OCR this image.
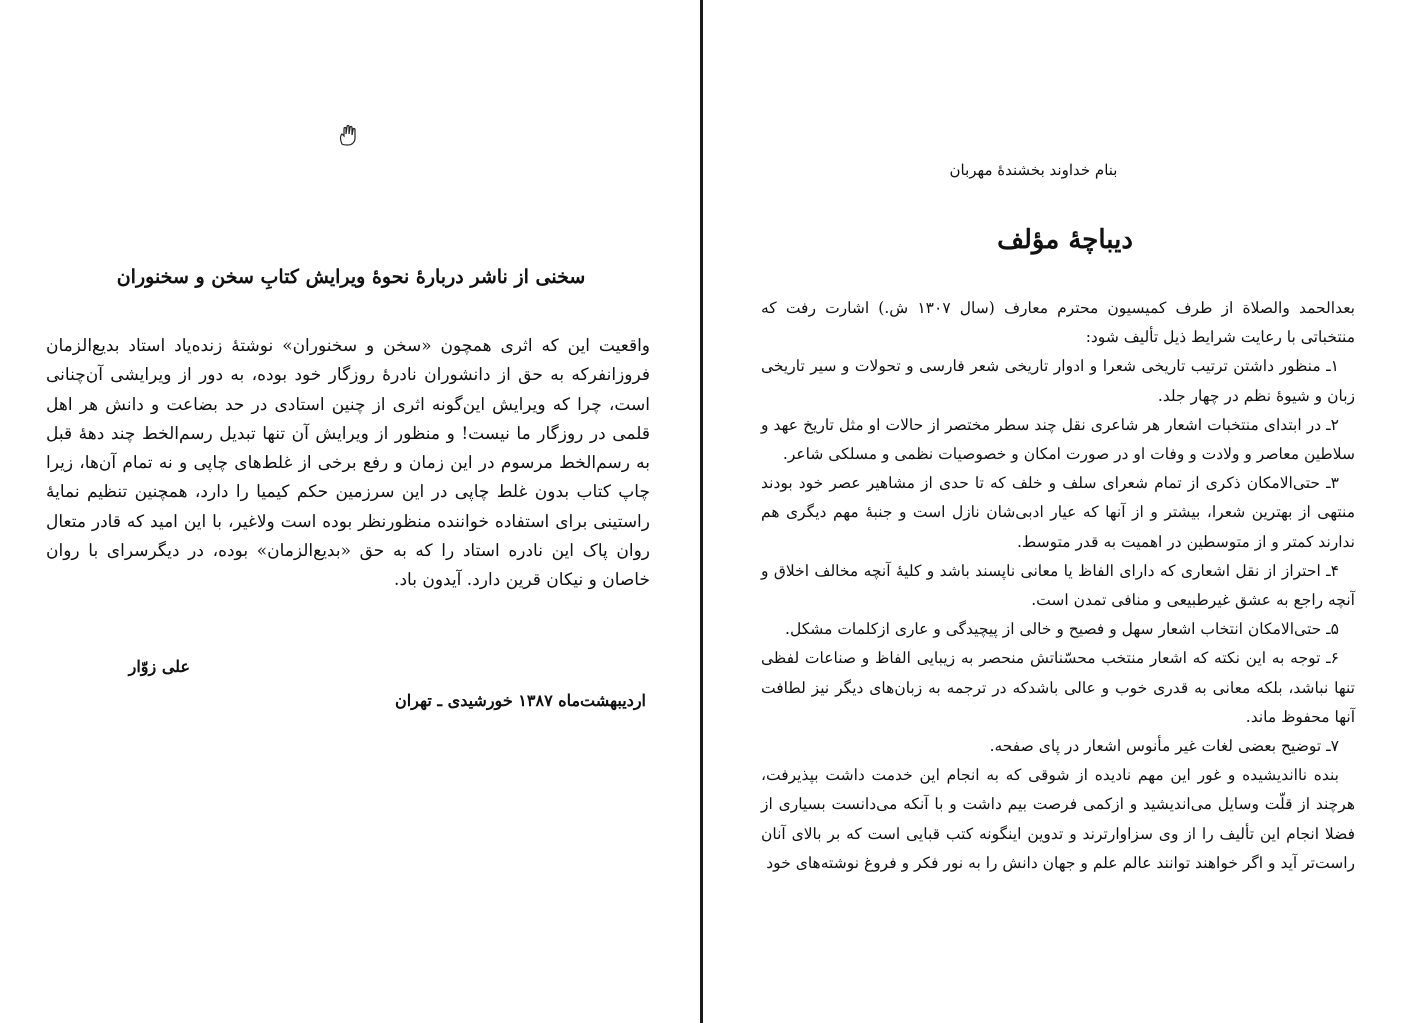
سخنی از ناشر دربارهٔ نحوهٔ ویرایش کتابِ سخن و سخنوران

واقعیت این که اثری همچون «سخن و سخنوران» نوشتهٔ زنده‌یاد استاد بدیع‌الزمان فروزانفرکه به حق از دانشوران نادرهٔ روزگار خود بوده، به دور از ویرایشی آن‌چنانی است، چرا که ویرایش این‌گونه اثری از چنین استادی در حد بضاعت و دانش هر اهل قلمی در روزگار ما نیست! و منظور از ویرایش آن تنها تبدیل رسم‌الخط چند دههٔ قبل به رسم‌الخط مرسوم در این زمان و رفع برخی از غلط‌های چاپی و نه تمام آن‌ها، زیرا چاپ کتاب بدون غلط چاپی در این سرزمین حکم کیمیا را دارد، همچنین تنظیم نمایهٔ راستینی برای استفاده خواننده منظورنظر بوده است ولاغیر، با این امید که قادر متعال روان پاک این نادره استاد را که به حق «بدیع‌الزمان» بوده، در دیگرسرای با روان خاصان و نیکان قرین دارد. آیدون باد.

علی زوّار
اردیبهشت‌ماه ۱۳۸۷ خورشیدی ـ تهران
بنام خداوند بخشندهٔ مهربان
دیباچهٔ مؤلف

بعدالحمد والصلاة از طرف کمیسیون محترم معارف (سال ۱۳۰۷ ش.) اشارت رفت که منتخباتی با رعایت شرایط ذیل تألیف شود:

۱ـ منظور داشتن ترتیب تاریخی شعرا و ادوار تاریخی شعر فارسی و تحولات و سیر تاریخی زبان و شیوهٔ نظم در چهار جلد.

۲ـ در ابتدای منتخبات اشعار هر شاعری نقل چند سطر مختصر از حالات او مثل تاریخ عهد و سلاطین معاصر و ولادت و وفات او در صورت امکان و خصوصیات نظمی و مسلکی شاعر.

۳ـ حتی‌الامکان ذکری از تمام شعرای سلف و خلف که تا حدی از مشاهیر عصر خود بودند منتهی از بهترین شعرا، بیشتر و از آنها که عیار ادبی‌شان نازل است و جنبهٔ مهم دیگری هم ندارند کمتر و از متوسطین در اهمیت به قدر متوسط.

۴ـ احتراز از نقل اشعاری که دارای الفاظ یا معانی ناپسند باشد و کلیهٔ آنچه مخالف اخلاق و آنچه راجع به عشق غیرطبیعی و منافی تمدن است.

۵ـ حتی‌الامکان انتخاب اشعار سهل و فصیح و خالی از پیچیدگی و عاری ازکلمات مشکل.

۶ـ توجه به این نکته که اشعار منتخب محسّناتش منحصر به زیبایی الفاظ و صناعات لفظی تنها نباشد، بلکه معانی به قدری خوب و عالی باشدکه در ترجمه به زبان‌های دیگر نیز لطافت آنها محفوظ ماند.

۷ـ توضیح بعضی لغات غیر مأنوس اشعار در پای صفحه.

بنده نااندیشیده و غور این مهم نادیده از شوقی که به انجام این خدمت داشت بپذیرفت، هرچند از قلّت وسایل می‌اندیشید و ازکمی فرصت بیم داشت و با آنکه می‌دانست بسیاری از فضلا انجام این تألیف را از وی سزاوارترند و تدوین اینگونه کتب قبایی است که بر بالای آنان راست‌تر آید و اگر خواهند توانند عالم علم و جهان دانش را به نور فکر و فروغ نوشته‌های خود
